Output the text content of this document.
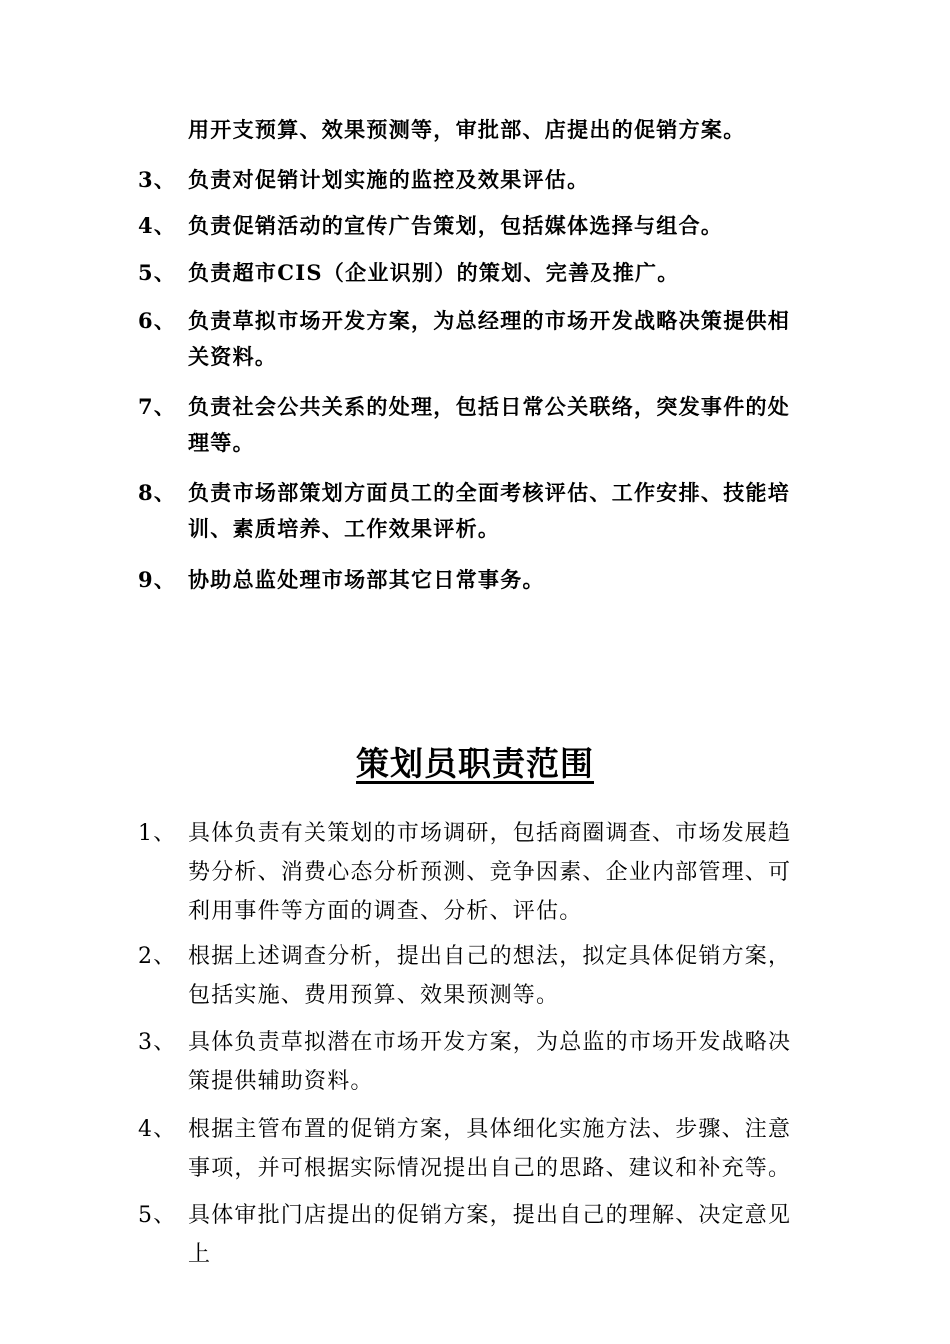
用开支预算、效果预测等，审批部、店提出的促销方案。
3、 负责对促销计划实施的监控及效果评估。
4、 负责促销活动的宣传广告策划，包括媒体选择与组合。
5、 负责超市CIS（企业识别）的策划、完善及推广。
6、 负责草拟市场开发方案，为总经理的市场开发战略决策提供相关资料。
7、 负责社会公共关系的处理，包括日常公关联络，突发事件的处理等。
8、 负责市场部策划方面员工的全面考核评估、工作安排、技能培训、素质培养、工作效果评析。
9、 协助总监处理市场部其它日常事务。
策划员职责范围
1、 具体负责有关策划的市场调研，包括商圈调查、市场发展趋势分析、消费心态分析预测、竞争因素、企业内部管理、可利用事件等方面的调查、分析、评估。
2、 根据上述调查分析，提出自己的想法，拟定具体促销方案，包括实施、费用预算、效果预测等。
3、 具体负责草拟潜在市场开发方案，为总监的市场开发战略决策提供辅助资料。
4、 根据主管布置的促销方案，具体细化实施方法、步骤、注意事项，并可根据实际情况提出自己的思路、建议和补充等。
5、 具体审批门店提出的促销方案，提出自己的理解、决定意见上
